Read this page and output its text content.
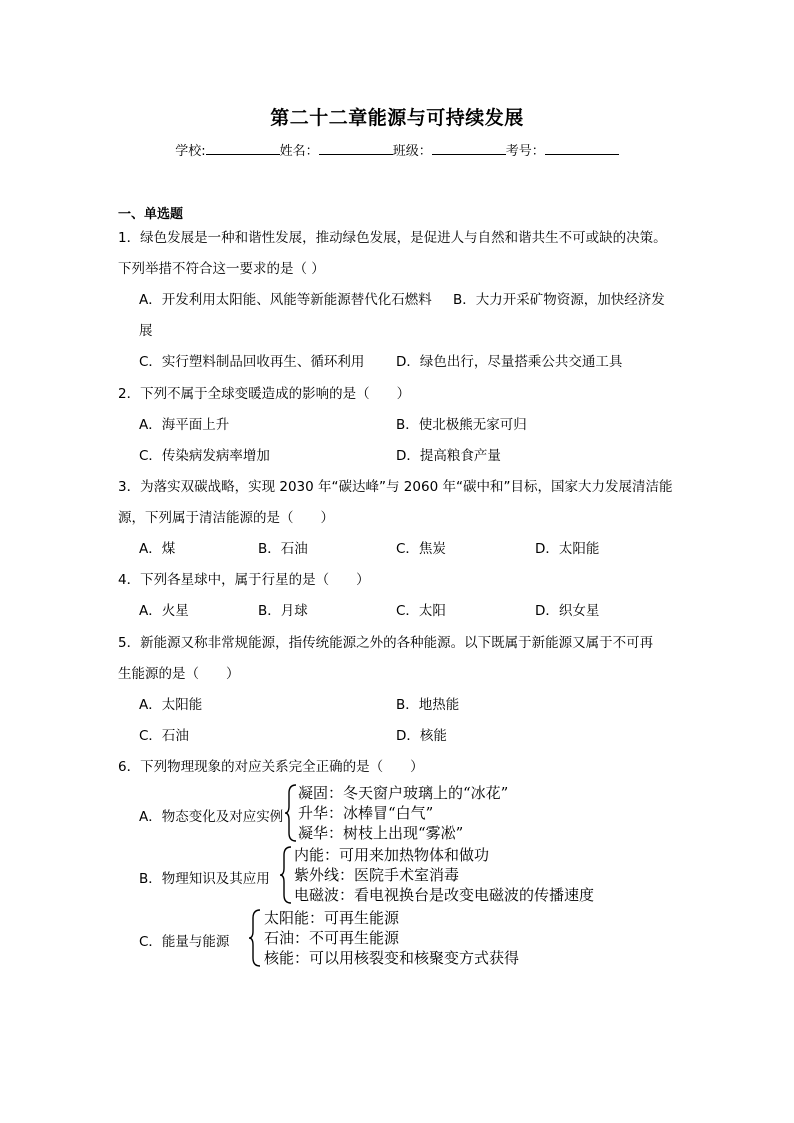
第二十二章能源与可持续发展
学校:	姓名：	班级：	考号：
一、单选题
1．绿色发展是一种和谐性发展，推动绿色发展，是促进人与自然和谐共生不可或缺的决策。
下列举措不符合这一要求的是（ ）
A．开发利用太阳能、风能等新能源替代化石燃料 B．大力开采矿物资源，加快经济发
展
C．实行塑料制品回收再生、循环利用 D．绿色出行，尽量搭乘公共交通工具
2．下列不属于全球变暖造成的影响的是（　　）
A．海平面上升	B．使北极熊无家可归
C．传染病发病率增加	D．提高粮食产量
3．为落实双碳战略，实现 2030 年“碳达峰”与 2060 年“碳中和”目标，国家大力发展清洁能
源，下列属于清洁能源的是（　　）
A．煤	B．石油	C．焦炭	D．太阳能
4．下列各星球中，属于行星的是（　　）
A．火星	B．月球	C．太阳	D．织女星
5．新能源又称非常规能源，指传统能源之外的各种能源。以下既属于新能源又属于不可再
生能源的是（　　）
A．太阳能	B．地热能
C．石油	D．核能
6．下列物理现象的对应关系完全正确的是（　　）
A．物态变化及对应实例
凝固：冬天窗户玻璃上的“冰花”
升华：冰棒冒“白气”
凝华：树枝上出现“雾凇”
B．物理知识及其应用
内能：可用来加热物体和做功
紫外线：医院手术室消毒
电磁波：看电视换台是改变电磁波的传播速度
C．能量与能源
太阳能：可再生能源
石油：不可再生能源
核能：可以用核裂变和核聚变方式获得
